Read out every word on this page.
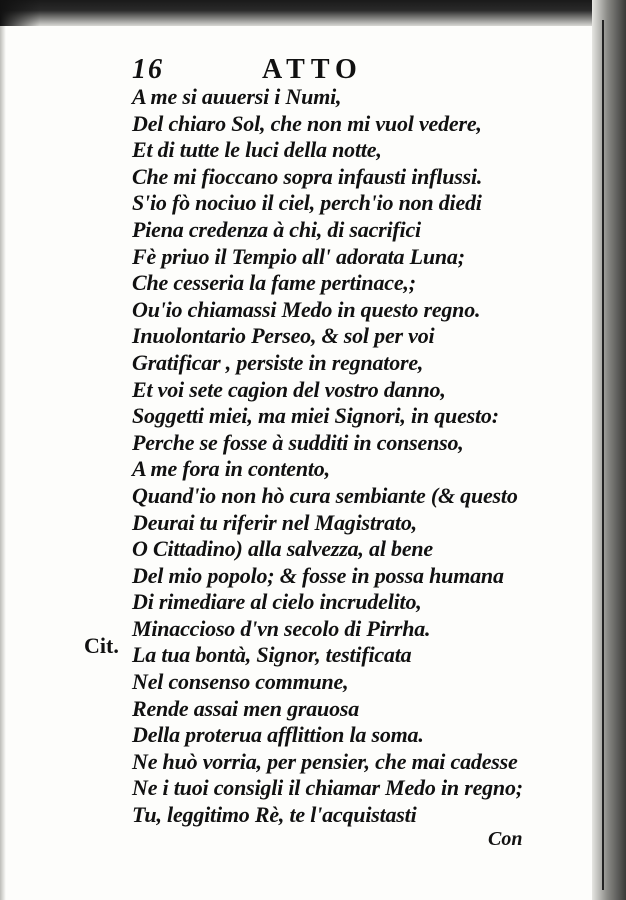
16	ATTO
Cit.
A me si auuersi i Numi,
Del chiaro Sol, che non mi vuol vedere,
Et di tutte le luci della notte,
Che mi fioccano sopra infausti influssi.
S'io fò nociuo il ciel, perch'io non diedi
Piena credenza à chi, di sacrifici
Fè priuo il Tempio all' adorata Luna;
Che cesseria la fame pertinace,;
Ou'io chiamassi Medo in questo regno.
Inuolontario Perseo, & sol per voi
Gratificar , persiste in regnatore,
Et voi sete cagion del vostro danno,
Soggetti miei, ma miei Signori, in questo:
Perche se fosse à sudditi in consenso,
A me fora in contento,
Quand'io non hò cura sembiante (& questo
Deurai tu riferir nel Magistrato,
O Cittadino) alla salvezza, al bene
Del mio popolo; & fosse in possa humana
Di rimediare al cielo incrudelito,
Minaccioso d'vn secolo di Pirrha.
La tua bontà, Signor, testificata
Nel consenso commune,
Rende assai men grauosa
Della proterua afflittion la soma.
Ne huò vorria, per pensier, che mai cadesse
Ne i tuoi consigli il chiamar Medo in regno;
Tu, leggitimo Rè, te l'acquistasti
Con
